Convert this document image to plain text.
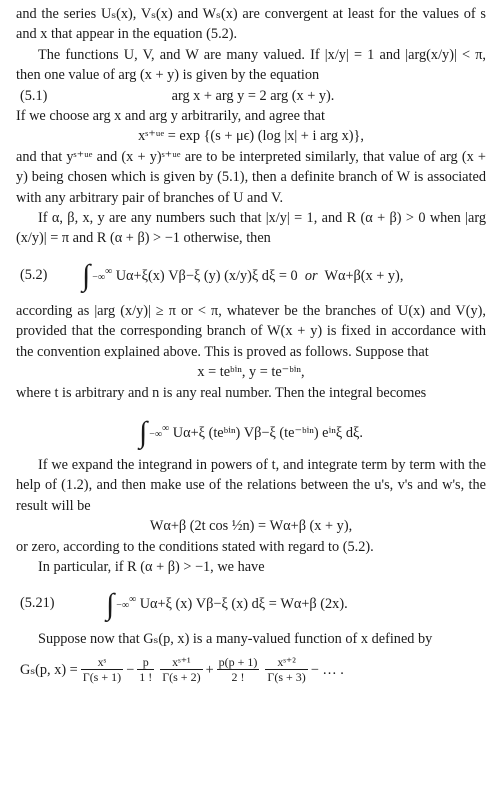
and the series Uₛ(x), Vₛ(x) and Wₛ(x) are convergent at least for the values of s and x that appear in the equation (5.2).

The functions U, V, and W are many valued. If |x/y| = 1 and |arg(x/y)| < π, then one value of arg (x + y) is given by the equation

(5.1)	arg x + arg y = 2 arg (x + y).

If we choose arg x and arg y arbitrarily, and agree that

xˢ⁺ᵘᵉ = exp {(s + μϵ) (log |x| + i arg x)},

and that yˢ⁺ᵘᵉ and (x + y)ˢ⁺ᵘᵉ are to be interpreted similarly, that value of arg (x + y) being chosen which is given by (5.1), then a definite branch of W is associated with any arbitrary pair of branches of U and V.

If α, β, x, y are any numbers such that |x/y| = 1, and R (α + β) > 0 when |arg (x/y)| = π and R (α + β) > −1 otherwise, then

(5.2)	∫ −∞∞ Uα+ξ(x) Vβ−ξ (y) (x/y)ξ dξ = 0 or Wα+β(x + y),

according as |arg (x/y)| ≥ π or < π, whatever be the branches of U(x) and V(y), provided that the corresponding branch of W(x + y) is fixed in accordance with the convention explained above. This is proved as follows. Suppose that

x = teᵇⁱⁿ, y = te⁻ᵇⁱⁿ,

where t is arbitrary and n is any real number. Then the integral becomes

∫ −∞∞ Uα+ξ (teᵇⁱⁿ) Vβ−ξ (te⁻ᵇⁱⁿ) eⁱⁿξ dξ.

If we expand the integrand in powers of t, and integrate term by term with the help of (1.2), and then make use of the relations between the u's, v's and w's, the result will be

Wα+β (2t cos ½n) = Wα+β (x + y),

or zero, according to the conditions stated with regard to (5.2).

In particular, if R (α + β) > −1, we have

(5.21)	∫ −∞∞ Uα+ξ (x) Vβ−ξ (x) dξ = Wα+β (2x).

Suppose now that Gₛ(p, x) is a many-valued function of x defined by

Gₛ(p, $x) = \frac{\text{xˢ}}{\Gamma(s + 1)} - \frac{p}{1 !} \frac{\text{xˢ⁺¹}}{\Gamma(s + 2)} + \frac{p(p + 1)}{2 !} \frac{\text{xˢ⁺²}}{\Gamma(s + 3)}$ − … .
